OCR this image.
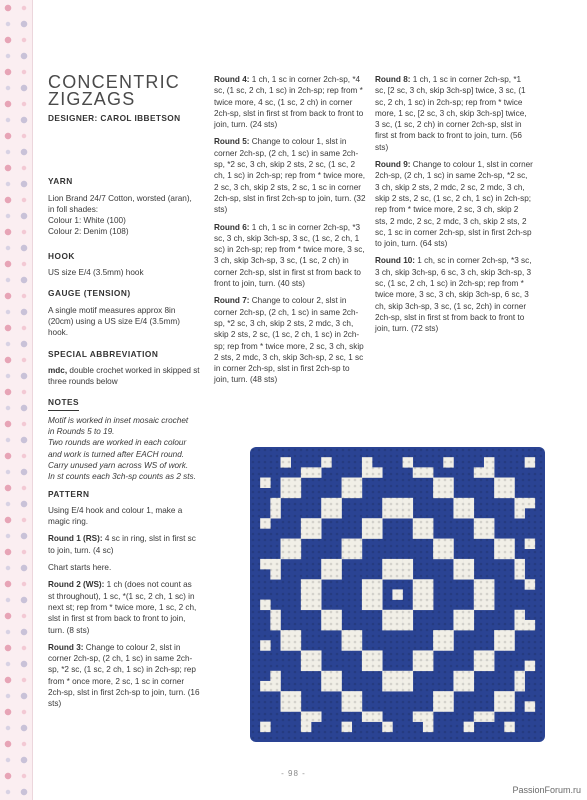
CONCENTRIC
ZIGZAGS
DESIGNER: CAROL IBBETSON
YARN

Lion Brand 24/7 Cotton, worsted (aran),
in foll shades:
Colour 1: White (100)
Colour 2: Denim (108)

HOOK

US size E/4 (3.5mm) hook

GAUGE (TENSION)

A single motif measures approx 8in (20cm) using a US size E/4 (3.5mm) hook.

SPECIAL ABBREVIATION

mdc, double crochet worked in skipped st three rounds below

NOTES

Motif is worked in inset mosaic crochet
in Rounds 5 to 19.
Two rounds are worked in each colour
and work is turned after EACH round.
Carry unused yarn across WS of work.
In st counts each 3ch-sp counts as 2 sts.

PATTERN

Using E/4 hook and colour 1, make a magic ring.

Round 1 (RS): 4 sc in ring, slst in first sc to join, turn. (4 sc)

Chart starts here.

Round 2 (WS): 1 ch (does not count as st throughout), 1 sc, *(1 sc, 2 ch, 1 sc) in next st; rep from * twice more, 1 sc, 2 ch, slst in first st from back to front to join, turn. (8 sts)

Round 3: Change to colour 2, slst in corner 2ch-sp, (2 ch, 1 sc) in same 2ch-sp, *2 sc, (1 sc, 2 ch, 1 sc) in 2ch-sp; rep from * once more, 2 sc, 1 sc in corner 2ch-sp, slst in first 2ch-sp to join, turn. (16 sts)

Round 4: 1 ch, 1 sc in corner 2ch-sp, *4 sc, (1 sc, 2 ch, 1 sc) in 2ch-sp; rep from * twice more, 4 sc, (1 sc, 2 ch) in corner 2ch-sp, slst in first st from back to front to join, turn. (24 sts)

Round 5: Change to colour 1, slst in corner 2ch-sp, (2 ch, 1 sc) in same 2ch-sp, *2 sc, 3 ch, skip 2 sts, 2 sc, (1 sc, 2 ch, 1 sc) in 2ch-sp; rep from * twice more, 2 sc, 3 ch, skip 2 sts, 2 sc, 1 sc in corner 2ch-sp, slst in first 2ch-sp to join, turn. (32 sts)

Round 6: 1 ch, 1 sc in corner 2ch-sp, *3 sc, 3 ch, skip 3ch-sp, 3 sc, (1 sc, 2 ch, 1 sc) in 2ch-sp; rep from * twice more, 3 sc, 3 ch, skip 3ch-sp, 3 sc, (1 sc, 2 ch) in corner 2ch-sp, slst in first st from back to front to join, turn. (40 sts)

Round 7: Change to colour 2, slst in corner 2ch-sp, (2 ch, 1 sc) in same 2ch-sp, *2 sc, 3 ch, skip 2 sts, 2 mdc, 3 ch, skip 2 sts, 2 sc, (1 sc, 2 ch, 1 sc) in 2ch-sp; rep from * twice more, 2 sc, 3 ch, skip 2 sts, 2 mdc, 3 ch, skip 3ch-sp, 2 sc, 1 sc in corner 2ch-sp, slst in first 2ch-sp to join, turn. (48 sts)

Round 8: 1 ch, 1 sc in corner 2ch-sp, *1 sc, [2 sc, 3 ch, skip 3ch-sp] twice, 3 sc, (1 sc, 2 ch, 1 sc) in 2ch-sp; rep from * twice more, 1 sc, [2 sc, 3 ch, skip 3ch-sp] twice, 3 sc, (1 sc, 2 ch) in corner 2ch-sp, slst in first st from back to front to join, turn. (56 sts)

Round 9: Change to colour 1, slst in corner 2ch-sp, (2 ch, 1 sc) in same 2ch-sp, *2 sc, 3 ch, skip 2 sts, 2 mdc, 2 sc, 2 mdc, 3 ch, skip 2 sts, 2 sc, (1 sc, 2 ch, 1 sc) in 2ch-sp; rep from * twice more, 2 sc, 3 ch, skip 2 sts, 2 mdc, 2 sc, 2 mdc, 3 ch, skip 2 sts, 2 sc, 1 sc in corner 2ch-sp, slst in first 2ch-sp to join, turn. (64 sts)

Round 10: 1 ch, sc in corner 2ch-sp, *3 sc, 3 ch, skip 3ch-sp, 6 sc, 3 ch, skip 3ch-sp, 3 sc, (1 sc, 2 ch, 1 sc) in 2ch-sp; rep from * twice more, 3 sc, 3 ch, skip 3ch-sp, 6 sc, 3 ch, skip 3ch-sp, 3 sc, (1 sc, 2ch) in corner 2ch-sp, slst in first st from back to front to join, turn. (72 sts)

- 98 -
PassionForum.ru
